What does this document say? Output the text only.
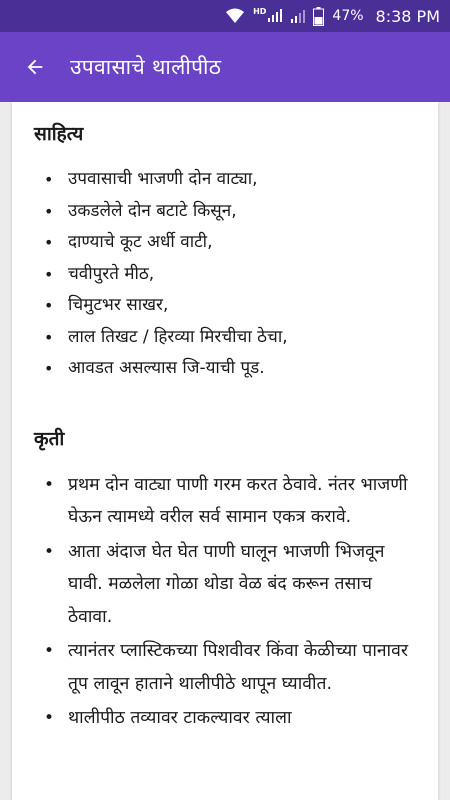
HD	47% 8:38 PM
उपवासाचे थालीपीठ
साहित्य
• उपवासाची भाजणी दोन वाट्या,
• उकडलेले दोन बटाटे किसून,
• दाण्याचे कूट अर्धी वाटी,
• चवीपुरते मीठ,
• चिमुटभर साखर,
• लाल तिखट / हिरव्या मिरचीचा ठेचा,
• आवडत असल्यास जि-याची पूड.
कृती
• प्रथम दोन वाट्या पाणी गरम करत ठेवावे. नंतर भाजणी घेऊन त्यामध्ये वरील सर्व सामान एकत्र करावे.
• आता अंदाज घेत घेत पाणी घालून भाजणी भिजवून घावी. मळलेला गोळा थोडा वेळ बंद करून तसाच ठेवावा.
• त्यानंतर प्लास्टिकच्या पिशवीवर किंवा केळीच्या पानावर तूप लावून हाताने थालीपीठे थापून घ्यावीत.
• थालीपीठ तव्यावर टाकल्यावर त्याला
